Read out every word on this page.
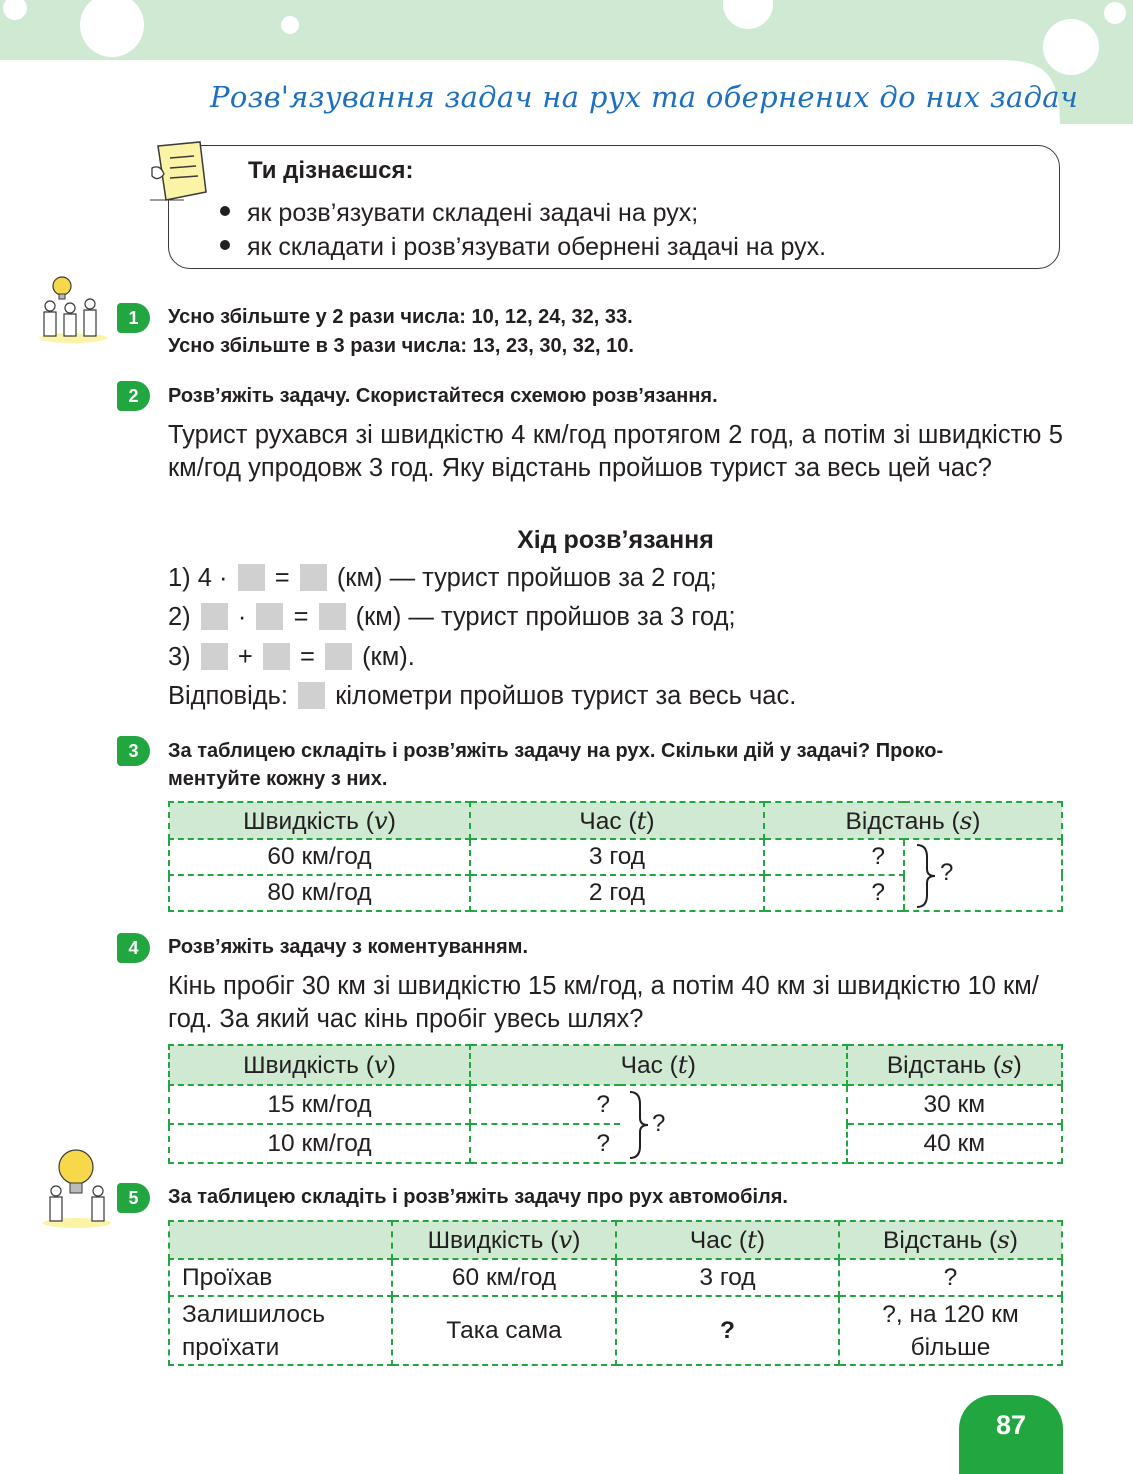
Розв'язування задач на рух та обернених до них задач
Ти дізнаєшся:
як розв’язувати складені задачі на рух;
як складати і розв’язувати обернені задачі на рух.
1	Усно збільште у 2 рази числа: 10, 12, 24, 32, 33.
Усно збільште в 3 рази числа: 13, 23, 30, 32, 10.
2	Розв’яжіть задачу. Скористайтеся схемою розв’язання.
Турист рухався зі швидкістю 4 км/год протягом 2 год, а потім зі швидкістю 5 км/год упродовж 3 год. Яку відстань пройшов турист за весь цей час?
Хід розв’язання
1) 4 · = (км) — турист пройшов за 2 год;
2) · = (км) — турист пройшов за 3 год;
3) + = (км).
Відповідь: кілометри пройшов турист за весь час.
3	За таблицею складіть і розв’яжіть задачу на рух. Скільки дій у задачі? Проко-
ментуйте кожну з них.
Швидкість (v)	Час (t)	Відстань (s)	
60 км/год	3 год	?	
80 км/год	2 год	?	
?
4	Розв’яжіть задачу з коментуванням.
Кінь пробіг 30 км зі швидкістю 15 км/год, а потім 40 км зі швидкістю 10 км/год. За який час кінь пробіг увесь шлях?
Швидкість (v)	Час (t)		Відстань (s)
15 км/год	?		30 км
10 км/год	?		40 км
?
5	За таблицею складіть і розв’яжіть задачу про рух автомобіля.
	Швидкість (v)	Час (t)	Відстань (s)
Проїхав	60 км/год	3 год	?
Залишилось
проїхати	Така сама	?	?, на 120 км
більше
87
